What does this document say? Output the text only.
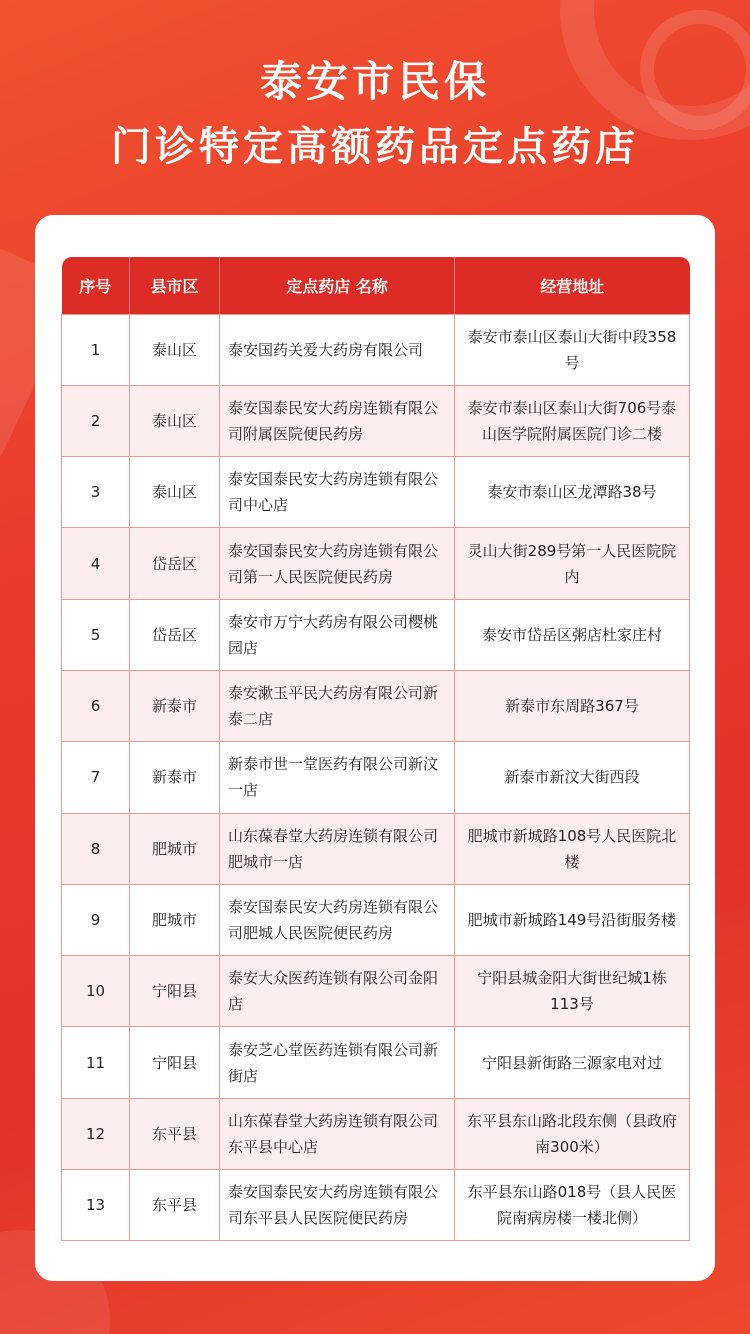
泰安市民保
门诊特定高额药品定点药店
序号	县市区	定点药店 名称	经营地址
1	泰山区	泰安国药关爱大药房有限公司	泰安市泰山区泰山大街中段358号
2	泰山区	泰安国泰民安大药房连锁有限公司附属医院便民药房	泰安市泰山区泰山大街706号泰山医学院附属医院门诊二楼
3	泰山区	泰安国泰民安大药房连锁有限公司中心店	泰安市泰山区龙潭路38号
4	岱岳区	泰安国泰民安大药房连锁有限公司第一人民医院便民药房	灵山大街289号第一人民医院院内
5	岱岳区	泰安市万宁大药房有限公司樱桃园店	泰安市岱岳区粥店杜家庄村
6	新泰市	泰安漱玉平民大药房有限公司新泰二店	新泰市东周路367号
7	新泰市	新泰市世一堂医药有限公司新汶一店	新泰市新汶大街西段
8	肥城市	山东葆春堂大药房连锁有限公司肥城市一店	肥城市新城路108号人民医院北楼
9	肥城市	泰安国泰民安大药房连锁有限公司肥城人民医院便民药房	肥城市新城路149号沿街服务楼
10	宁阳县	泰安大众医药连锁有限公司金阳店	宁阳县城金阳大街世纪城1栋113号
11	宁阳县	泰安芝心堂医药连锁有限公司新街店	宁阳县新街路三源家电对过
12	东平县	山东葆春堂大药房连锁有限公司东平县中心店	东平县东山路北段东侧（县政府南300米）
13	东平县	泰安国泰民安大药房连锁有限公司东平县人民医院便民药房	东平县东山路018号（县人民医院南病房楼一楼北侧）
